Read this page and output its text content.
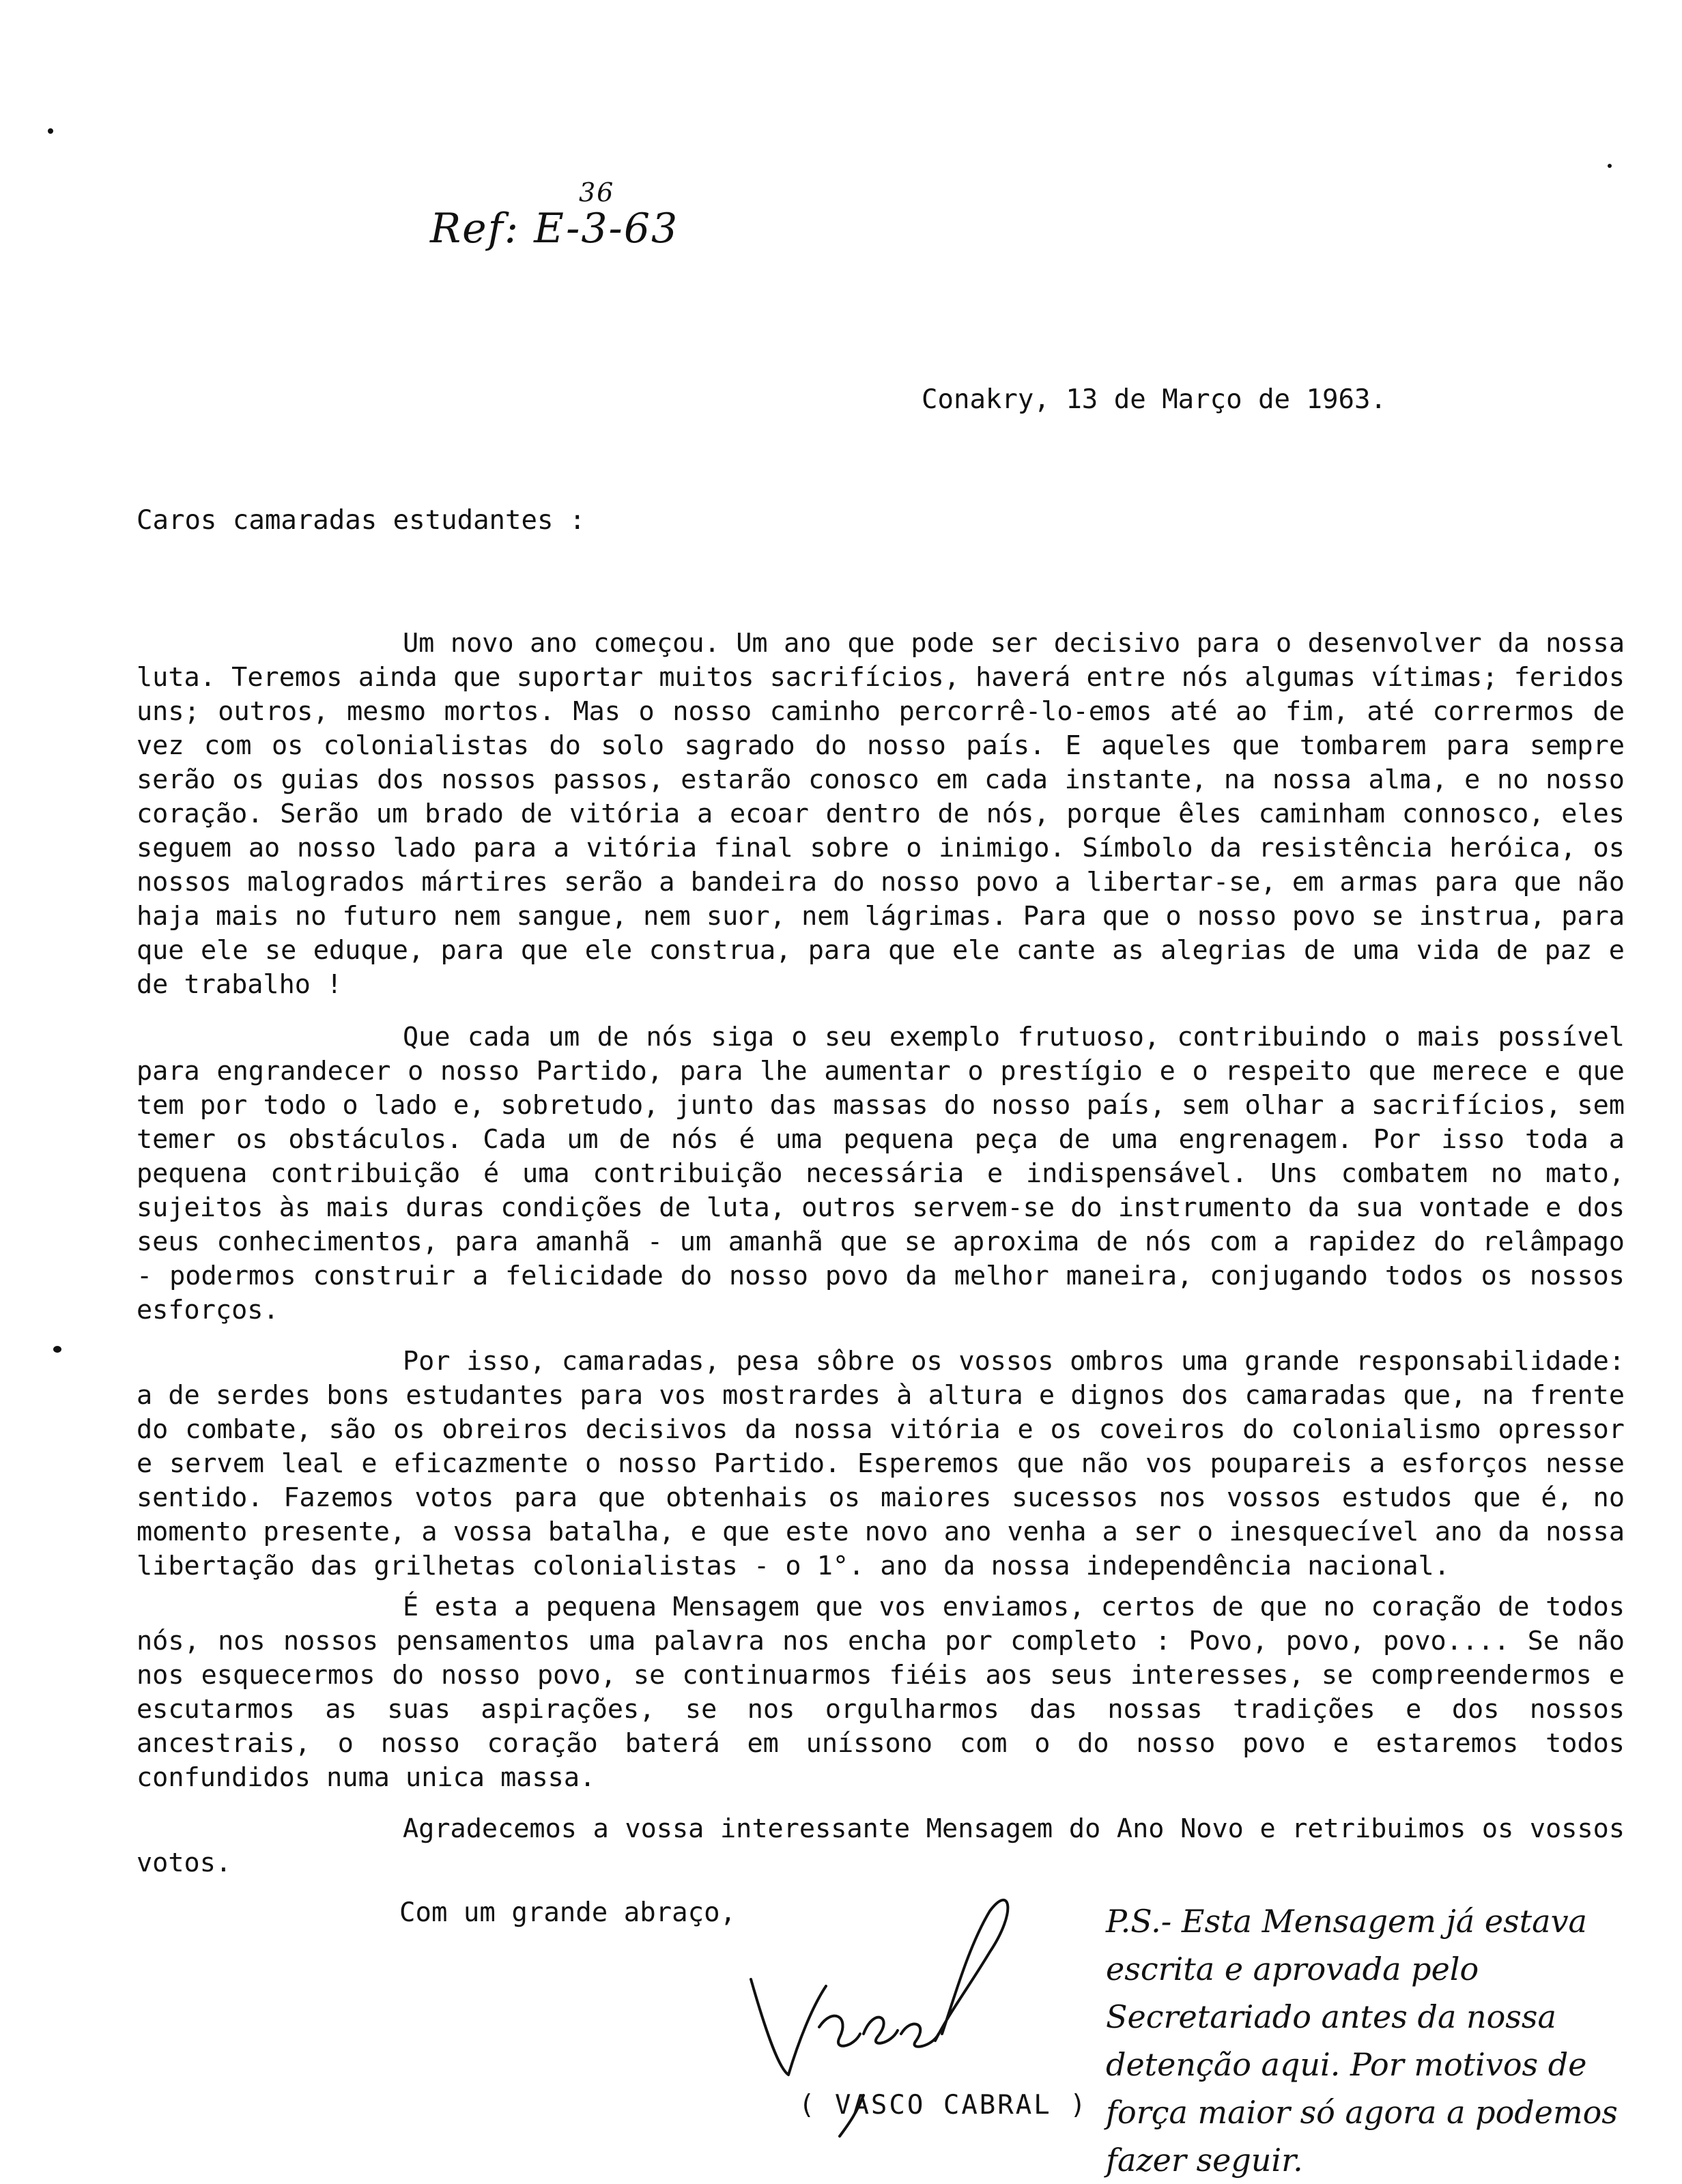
Ref: E-3-63
36
Conakry, 13 de Março de 1963.
Caros camaradas estudantes :

Um novo ano começou. Um ano que pode ser decisivo para o desenvolver da nossa luta. Teremos ainda que suportar muitos sacrifícios, haverá entre nós algumas vítimas; feridos uns; outros, mesmo mortos. Mas o nosso caminho percorrê-lo-emos até ao fim, até corrermos de vez com os colonialistas do solo sagrado do nosso país. E aqueles que tombarem para sempre serão os guias dos nossos passos, estarão conosco em cada instante, na nossa alma, e no nosso coração. Serão um brado de vitória a ecoar dentro de nós, porque êles caminham connosco, eles seguem ao nosso lado para a vitória final sobre o inimigo. Símbolo da resistência heróica, os nossos malogrados mártires serão a bandeira do nosso povo a libertar-se, em armas para que não haja mais no futuro nem sangue, nem suor, nem lágrimas. Para que o nosso povo se instrua, para que ele se eduque, para que ele construa, para que ele cante as alegrias de uma vida de paz e de trabalho !

Que cada um de nós siga o seu exemplo frutuoso, contribuindo o mais possível para engrandecer o nosso Partido, para lhe aumentar o prestígio e o respeito que merece e que tem por todo o lado e, sobretudo, junto das massas do nosso país, sem olhar a sacrifícios, sem temer os obstáculos. Cada um de nós é uma pequena peça de uma engrenagem. Por isso toda a pequena contribuição é uma contribuição necessária e indispensável. Uns combatem no mato, sujeitos às mais duras condições de luta, outros servem-se do instrumento da sua vontade e dos seus conhecimentos, para amanhã - um amanhã que se aproxima de nós com a rapidez do relâmpago - podermos construir a felicidade do nosso povo da melhor maneira, conjugando todos os nossos esforços.

Por isso, camaradas, pesa sôbre os vossos ombros uma grande responsabilidade: a de serdes bons estudantes para vos mostrardes à altura e dignos dos camaradas que, na frente do combate, são os obreiros decisivos da nossa vitória e os coveiros do colonialismo opressor e servem leal e eficazmente o nosso Partido. Esperemos que não vos poupareis a esforços nesse sentido. Fazemos votos para que obtenhais os maiores sucessos nos vossos estudos que é, no momento presente, a vossa batalha, e que este novo ano venha a ser o inesquecível ano da nossa libertação das grilhetas colonialistas - o 1°. ano da nossa independência nacional.

É esta a pequena Mensagem que vos enviamos, certos de que no coração de todos nós, nos nossos pensamentos uma palavra nos encha por completo : Povo, povo, povo.... Se não nos esquecermos do nosso povo, se continuarmos fiéis aos seus interesses, se compreendermos e escutarmos as suas aspirações, se nos orgulharmos das nossas tradições e dos nossos ancestrais, o nosso coração baterá em uníssono com o do nosso povo e estaremos todos confundidos numa unica massa.

Agradecemos a vossa interessante Mensagem do Ano Novo e retribuimos os vossos votos.

Com um grande abraço,
( VASCO CABRAL )

P.S.- Esta Mensagem já estava escrita e aprovada pelo Secretariado antes da nossa detenção aqui. Por motivos de força maior só agora a podemos fazer seguir.
